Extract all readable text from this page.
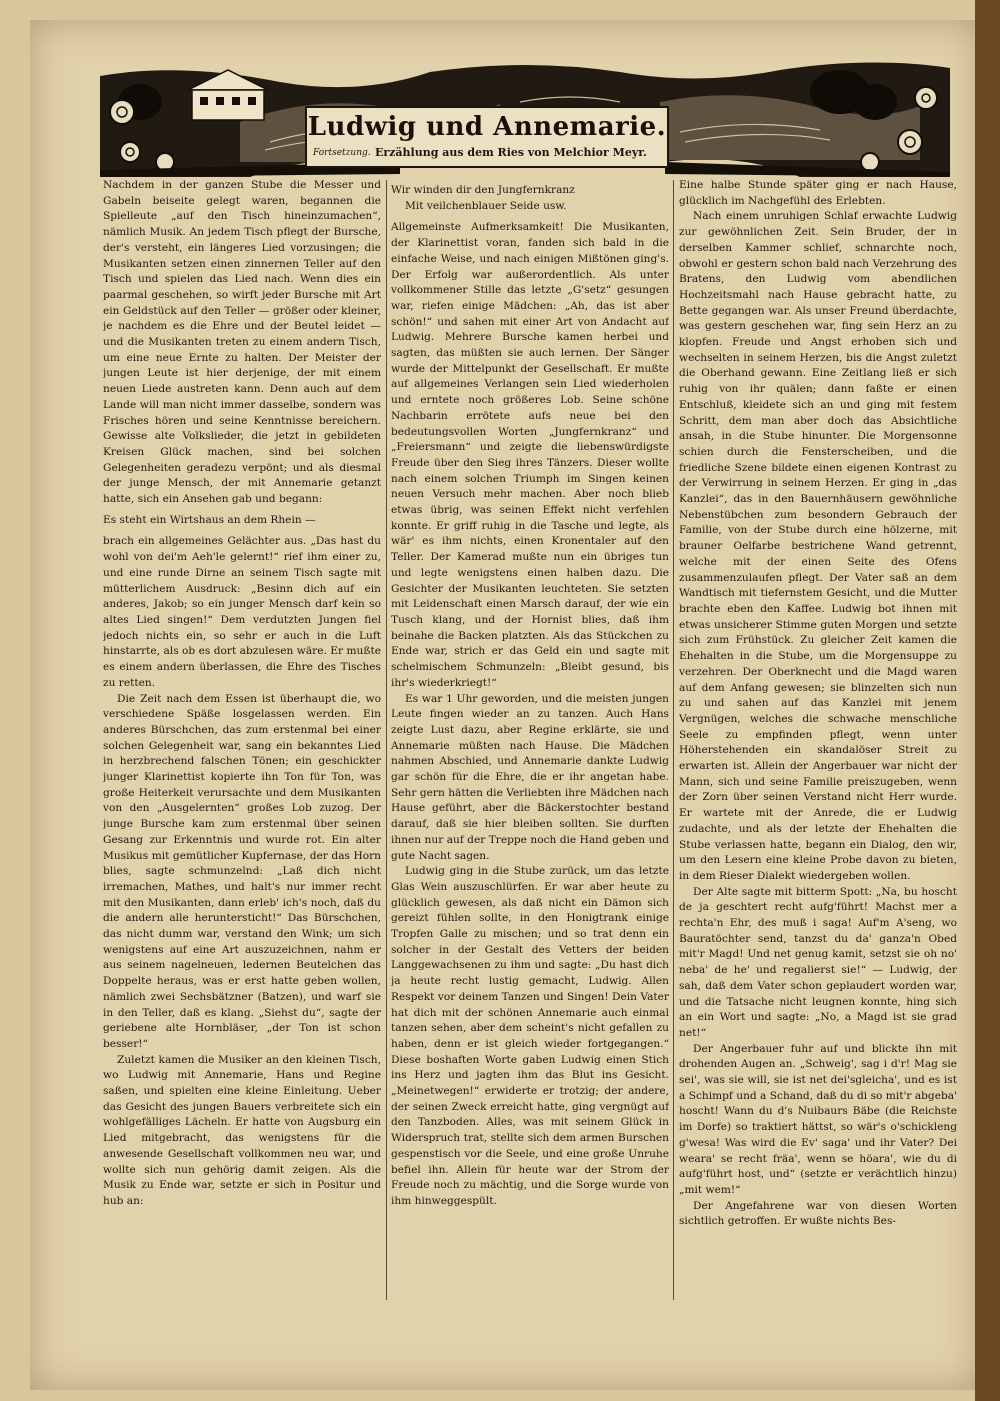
Ludwig und Annemarie.
Fortsetzung. Erzählung aus dem Ries von Melchior Meyr.

Nachdem in der ganzen Stube die Messer und Gabeln beiseite gelegt waren, begannen die Spielleute „auf den Tisch hineinzumachen“, nämlich Musik. An jedem Tisch pflegt der Bursche, der's versteht, ein längeres Lied vorzusingen; die Musikanten setzen einen zinnernen Teller auf den Tisch und spielen das Lied nach. Wenn dies ein paarmal geschehen, so wirft jeder Bursche mit Art ein Geldstück auf den Teller — größer oder kleiner, je nachdem es die Ehre und der Beutel leidet — und die Musikanten treten zu einem andern Tisch, um eine neue Ernte zu halten. Der Meister der jungen Leute ist hier derjenige, der mit einem neuen Liede austreten kann. Denn auch auf dem Lande will man nicht immer dasselbe, sondern was Frisches hören und seine Kenntnisse bereichern. Gewisse alte Volkslieder, die jetzt in gebildeten Kreisen Glück machen, sind bei solchen Gelegenheiten geradezu verpönt; und als diesmal der junge Mensch, der mit Annemarie getanzt hatte, sich ein Ansehen gab und begann:

Es steht ein Wirtshaus an dem Rhein —

brach ein allgemeines Gelächter aus. „Das hast du wohl von dei'm Aeh'le gelernt!“ rief ihm einer zu, und eine runde Dirne an seinem Tisch sagte mit mütterlichem Ausdruck: „Besinn dich auf ein anderes, Jakob; so ein junger Mensch darf kein so altes Lied singen!“ Dem verdutzten Jungen fiel jedoch nichts ein, so sehr er auch in die Luft hinstarrte, als ob es dort abzulesen wäre. Er mußte es einem andern überlassen, die Ehre des Tisches zu retten.

Die Zeit nach dem Essen ist überhaupt die, wo verschiedene Späße losgelassen werden. Ein anderes Bürschchen, das zum erstenmal bei einer solchen Gelegenheit war, sang ein bekanntes Lied in herzbrechend falschen Tönen; ein geschickter junger Klarinettist kopierte ihn Ton für Ton, was große Heiterkeit verursachte und dem Musikanten von den „Ausgelernten“ großes Lob zuzog. Der junge Bursche kam zum erstenmal über seinen Gesang zur Erkenntnis und wurde rot. Ein alter Musikus mit gemütlicher Kupfernase, der das Horn blies, sagte schmunzelnd: „Laß dich nicht irremachen, Mathes, und halt's nur immer recht mit den Musikanten, dann erleb' ich's noch, daß du die andern alle heruntersticht!“ Das Bürschchen, das nicht dumm war, verstand den Wink; um sich wenigstens auf eine Art auszuzeichnen, nahm er aus seinem nagelneuen, ledernen Beutelchen das Doppelte heraus, was er erst hatte geben wollen, nämlich zwei Sechsbätzner (Batzen), und warf sie in den Teller, daß es klang. „Siehst du“, sagte der geriebene alte Hornbläser, „der Ton ist schon besser!“

Zuletzt kamen die Musiker an den kleinen Tisch, wo Ludwig mit Annemarie, Hans und Regine saßen, und spielten eine kleine Einleitung. Ueber das Gesicht des jungen Bauers verbreitete sich ein wohlgefälliges Lächeln. Er hatte von Augsburg ein Lied mitgebracht, das wenigstens für die anwesende Gesellschaft vollkommen neu war, und wollte sich nun gehörig damit zeigen. Als die Musik zu Ende war, setzte er sich in Positur und hub an:

Wir winden dir den Jungfernkranz
Mit veilchenblauer Seide usw.

Allgemeinste Aufmerksamkeit! Die Musikanten, der Klarinettist voran, fanden sich bald in die einfache Weise, und nach einigen Mißtönen ging's. Der Erfolg war außerordentlich. Als unter vollkommener Stille das letzte „G'setz“ gesungen war, riefen einige Mädchen: „Ah, das ist aber schön!“ und sahen mit einer Art von Andacht auf Ludwig. Mehrere Bursche kamen herbei und sagten, das müßten sie auch lernen. Der Sänger wurde der Mittelpunkt der Gesellschaft. Er mußte auf allgemeines Verlangen sein Lied wiederholen und erntete noch größeres Lob. Seine schöne Nachbarin errötete aufs neue bei den bedeutungsvollen Worten „Jungfernkranz“ und „Freiersmann“ und zeigte die liebenswürdigste Freude über den Sieg ihres Tänzers. Dieser wollte nach einem solchen Triumph im Singen keinen neuen Versuch mehr machen. Aber noch blieb etwas übrig, was seinen Effekt nicht verfehlen konnte. Er griff ruhig in die Tasche und legte, als wär' es ihm nichts, einen Kronentaler auf den Teller. Der Kamerad mußte nun ein übriges tun und legte wenigstens einen halben dazu. Die Gesichter der Musikanten leuchteten. Sie setzten mit Leidenschaft einen Marsch darauf, der wie ein Tusch klang, und der Hornist blies, daß ihm beinahe die Backen platzten. Als das Stückchen zu Ende war, strich er das Geld ein und sagte mit schelmischem Schmunzeln: „Bleibt gesund, bis ihr's wiederkriegt!“

Es war 1 Uhr geworden, und die meisten jungen Leute fingen wieder an zu tanzen. Auch Hans zeigte Lust dazu, aber Regine erklärte, sie und Annemarie müßten nach Hause. Die Mädchen nahmen Abschied, und Annemarie dankte Ludwig gar schön für die Ehre, die er ihr angetan habe. Sehr gern hätten die Verliebten ihre Mädchen nach Hause geführt, aber die Bäckerstochter bestand darauf, daß sie hier bleiben sollten. Sie durften ihnen nur auf der Treppe noch die Hand geben und gute Nacht sagen.

Ludwig ging in die Stube zurück, um das letzte Glas Wein auszuschlürfen. Er war aber heute zu glücklich gewesen, als daß nicht ein Dämon sich gereizt fühlen sollte, in den Honigtrank einige Tropfen Galle zu mischen; und so trat denn ein solcher in der Gestalt des Vetters der beiden Langgewachsenen zu ihm und sagte: „Du hast dich ja heute recht lustig gemacht, Ludwig. Allen Respekt vor deinem Tanzen und Singen! Dein Vater hat dich mit der schönen Annemarie auch einmal tanzen sehen, aber dem scheint's nicht gefallen zu haben, denn er ist gleich wieder fortgegangen.“ Diese boshaften Worte gaben Ludwig einen Stich ins Herz und jagten ihm das Blut ins Gesicht. „Meinetwegen!“ erwiderte er trotzig; der andere, der seinen Zweck erreicht hatte, ging vergnügt auf den Tanzboden. Alles, was mit seinem Glück in Widerspruch trat, stellte sich dem armen Burschen gespenstisch vor die Seele, und eine große Unruhe befiel ihn. Allein für heute war der Strom der Freude noch zu mächtig, und die Sorge wurde von ihm hinweggespült.

Eine halbe Stunde später ging er nach Hause, glücklich im Nachgefühl des Erlebten.

Nach einem unruhigen Schlaf erwachte Ludwig zur gewöhnlichen Zeit. Sein Bruder, der in derselben Kammer schlief, schnarchte noch, obwohl er gestern schon bald nach Verzehrung des Bratens, den Ludwig vom abendlichen Hochzeitsmahl nach Hause gebracht hatte, zu Bette gegangen war. Als unser Freund überdachte, was gestern geschehen war, fing sein Herz an zu klopfen. Freude und Angst erhoben sich und wechselten in seinem Herzen, bis die Angst zuletzt die Oberhand gewann. Eine Zeitlang ließ er sich ruhig von ihr quälen; dann faßte er einen Entschluß, kleidete sich an und ging mit festem Schritt, dem man aber doch das Absichtliche ansah, in die Stube hinunter. Die Morgensonne schien durch die Fensterscheiben, und die friedliche Szene bildete einen eigenen Kontrast zu der Verwirrung in seinem Herzen. Er ging in „das Kanzlei“, das in den Bauernhäusern gewöhnliche Nebenstübchen zum besondern Gebrauch der Familie, von der Stube durch eine hölzerne, mit brauner Oelfarbe bestrichene Wand getrennt, welche mit der einen Seite des Ofens zusammenzulaufen pflegt. Der Vater saß an dem Wandtisch mit tiefernstem Gesicht, und die Mutter brachte eben den Kaffee. Ludwig bot ihnen mit etwas unsicherer Stimme guten Morgen und setzte sich zum Frühstück. Zu gleicher Zeit kamen die Ehehalten in die Stube, um die Morgensuppe zu verzehren. Der Oberknecht und die Magd waren auf dem Anfang gewesen; sie blinzelten sich nun zu und sahen auf das Kanzlei mit jenem Vergnügen, welches die schwache menschliche Seele zu empfinden pflegt, wenn unter Höherstehenden ein skandalöser Streit zu erwarten ist. Allein der Angerbauer war nicht der Mann, sich und seine Familie preiszugeben, wenn der Zorn über seinen Verstand nicht Herr wurde. Er wartete mit der Anrede, die er Ludwig zudachte, und als der letzte der Ehehalten die Stube verlassen hatte, begann ein Dialog, den wir, um den Lesern eine kleine Probe davon zu bieten, in dem Rieser Dialekt wiedergeben wollen.

Der Alte sagte mit bitterm Spott: „Na, bu hoscht de ja geschtert recht aufg'führt! Machst mer a rechta'n Ehr, des muß i saga! Auf'm A'seng, wo Bauratöchter send, tanzst du da' ganza'n Obed mit'r Magd! Und net genug kamit, setzst sie oh no' neba' de he' und regalierst sie!“ — Ludwig, der sah, daß dem Vater schon geplaudert worden war, und die Tatsache nicht leugnen konnte, hing sich an ein Wort und sagte: „No, a Magd ist sie grad net!“

Der Angerbauer fuhr auf und blickte ihn mit drohenden Augen an. „Schweig', sag i d'r! Mag sie sei', was sie will, sie ist net dei'sgleicha', und es ist a Schimpf und a Schand, daß du di so mit'r abgeba' hoscht! Wann du d's Nuibaurs Bäbe (die Reichste im Dorfe) so traktiert hättst, so wär's o'schickleng g'wesa! Was wird die Ev' saga' und ihr Vater? Dei weara' se recht fräa', wenn se höara', wie du di aufg'führt host, und“ (setzte er verächtlich hinzu) „mit wem!“

Der Angefahrene war von diesen Worten sichtlich getroffen. Er wußte nichts Bes-
